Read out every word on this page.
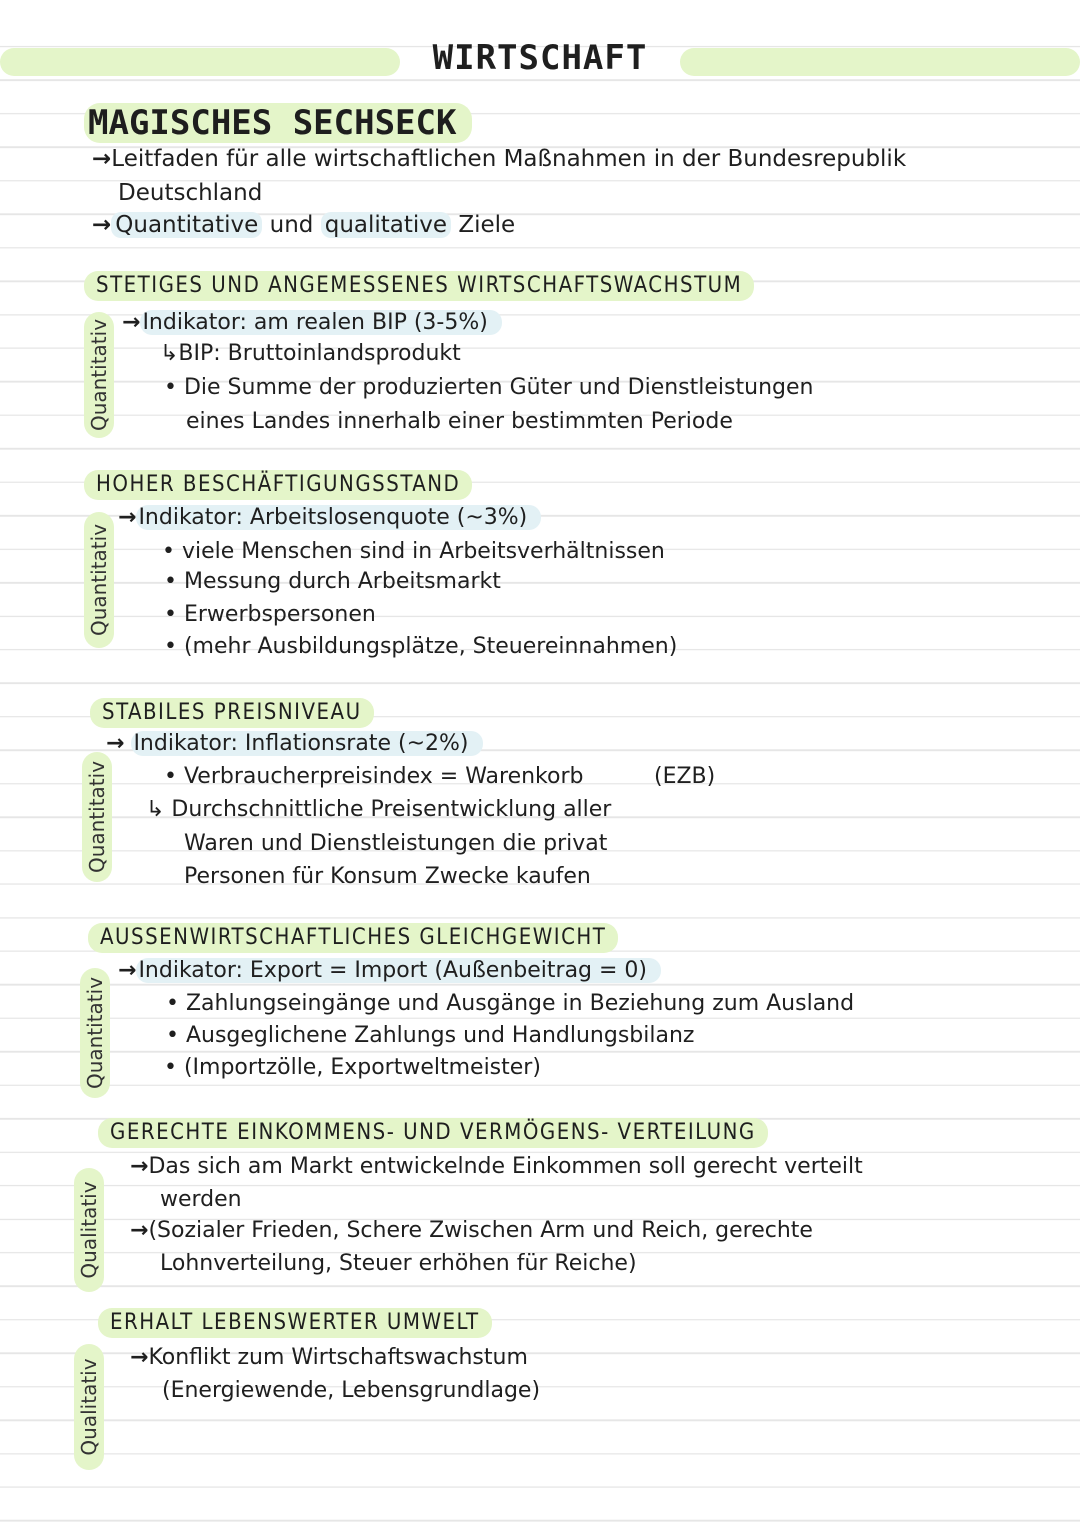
WIRTSCHAFT
MAGISCHES SECHSECK
→Leitfaden für alle wirtschaftlichen Maßnahmen in der Bundesrepublik
Deutschland
→ Quantitative und qualitative Ziele
STETIGES UND ANGEMESSENES WIRTSCHAFTSWACHSTUM
Quantitativ →Indikator: am realen BIP (3-5%)
↳BIP: Bruttoinlandsprodukt
• Die Summe der produzierten Güter und Dienstleistungen
eines Landes innerhalb einer bestimmten Periode
HOHER BESCHÄFTIGUNGSSTAND
Quantitativ
→Indikator: Arbeitslosenquote (~3%)
• viele Menschen sind in Arbeitsverhältnissen
• Messung durch Arbeitsmarkt
• Erwerbspersonen
• (mehr Ausbildungsplätze, Steuereinnahmen)
STABILES PREISNIVEAU
Quantitativ
→ Indikator: Inflationsrate (~2%)
• Verbraucherpreisindex = Warenkorb	(EZB)
↳ Durchschnittliche Preisentwicklung aller
Waren und Dienstleistungen die privat
Personen für Konsum Zwecke kaufen
AUSSENWIRTSCHAFTLICHES GLEICHGEWICHT
Quantitativ
→Indikator: Export = Import (Außenbeitrag = 0)
• Zahlungseingänge und Ausgänge in Beziehung zum Ausland
• Ausgeglichene Zahlungs und Handlungsbilanz
• (Importzölle, Exportweltmeister)
GERECHTE EINKOMMENS- UND VERMÖGENS- VERTEILUNG
Qualitativ
→Das sich am Markt entwickelnde Einkommen soll gerecht verteilt
werden
→(Sozialer Frieden, Schere Zwischen Arm und Reich, gerechte
Lohnverteilung, Steuer erhöhen für Reiche)
ERHALT LEBENSWERTER UMWELT
Qualitativ
→Konflikt zum Wirtschaftswachstum
(Energiewende, Lebensgrundlage)
